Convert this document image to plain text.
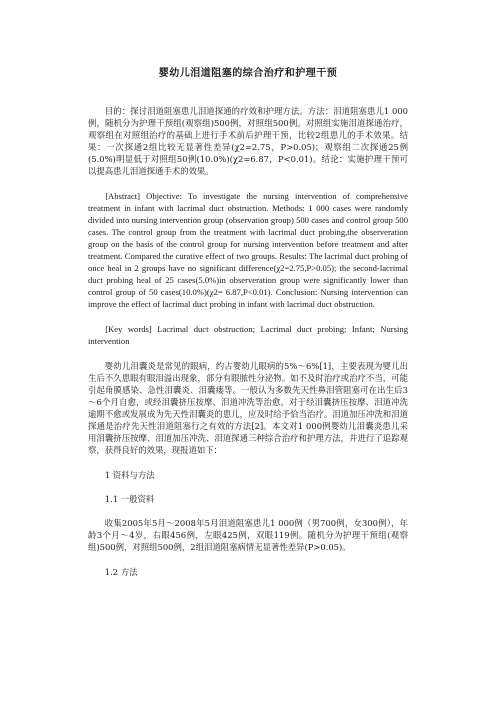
婴幼儿泪道阻塞的综合治疗和护理干预

目的：探讨泪道阻塞患儿泪道探通的疗效和护理方法。方法：泪道阻塞患儿1 000例，随机分为护理干预组(观察组)500例，对照组500例。对照组实施泪道探通治疗，观察组在对照组治疗的基础上进行手术前后护理干预，比较2组患儿的手术效果。结果：一次探通2组比较无显著性差异(χ2=2.75，P>0.05)；观察组二次探通25例(5.0%)明显低于对照组50例(10.0%)(χ2=6.87，P<0.01)。结论：实施护理干预可以提高患儿泪道探通手术的效果。

[Abstract] Objective: To investigate the nursing intervention of comprehensive treatment in infant with lacrimal duct obstruction. Methods: 1 000 cases were randomly divided into nursing intervention group (observation group) 500 cases and control group 500 cases. The control group from the treatment with lacrimal duct probing,the observeration group on the basis of the control group for nursing intervention before treatment and after treatment. Compared the curative effect of two groups. Results: The lacrimal duct probing of once heal in 2 groups have no significant difference(χ2=2.75,P>0.05); the second-lacrimal duct probing heal of 25 cases(5.0%)in observeration group were significantly lower than control group of 50 cases(10.0%)(χ2= 6.87,P<0.01). Conclusion: Nursing intervention can improve the effect of lacrimal duct probing in infant with lacrimal duct obstruction.

[Key words] Lacrimal duct obstruction; Lacrimal duct probing; Infant; Nursing intervention

婴幼儿泪囊炎是常见的眼病，约占婴幼儿眼病的5%～6%[1]，主要表现为婴儿出生后不久患眼有眼泪溢出现象，部分有眼脓性分泌物。如不及时治疗或治疗不当，可能引起角膜感染、急性泪囊炎、泪囊瘘等。一般认为多数先天性鼻泪管阻塞可在出生后3～6个月自愈，或经泪囊挤压按摩、泪道冲洗等治愈。对于经泪囊挤压按摩、泪道冲洗逾期不愈或发展成为先天性泪囊炎的患儿，应及时给予恰当治疗。泪道加压冲洗和泪道探通是治疗先天性泪道阻塞行之有效的方法[2]。本文对1 000例婴幼儿泪囊炎患儿采用泪囊挤压按摩、泪道加压冲洗、泪道探通三种综合治疗和护理方法，并进行了追踪观察，获得良好的效果，现报道如下：

1 资料与方法

1.1 一般资料

收集2005年5月～2008年5月泪道阻塞患儿1 000例（男700例，女300例），年龄3个月～4岁，右眼456例，左眼425例，双眼119例。随机分为护理干预组(观察组)500例，对照组500例，2组泪道阻塞病情无显著性差异(P>0.05)。

1.2 方法
